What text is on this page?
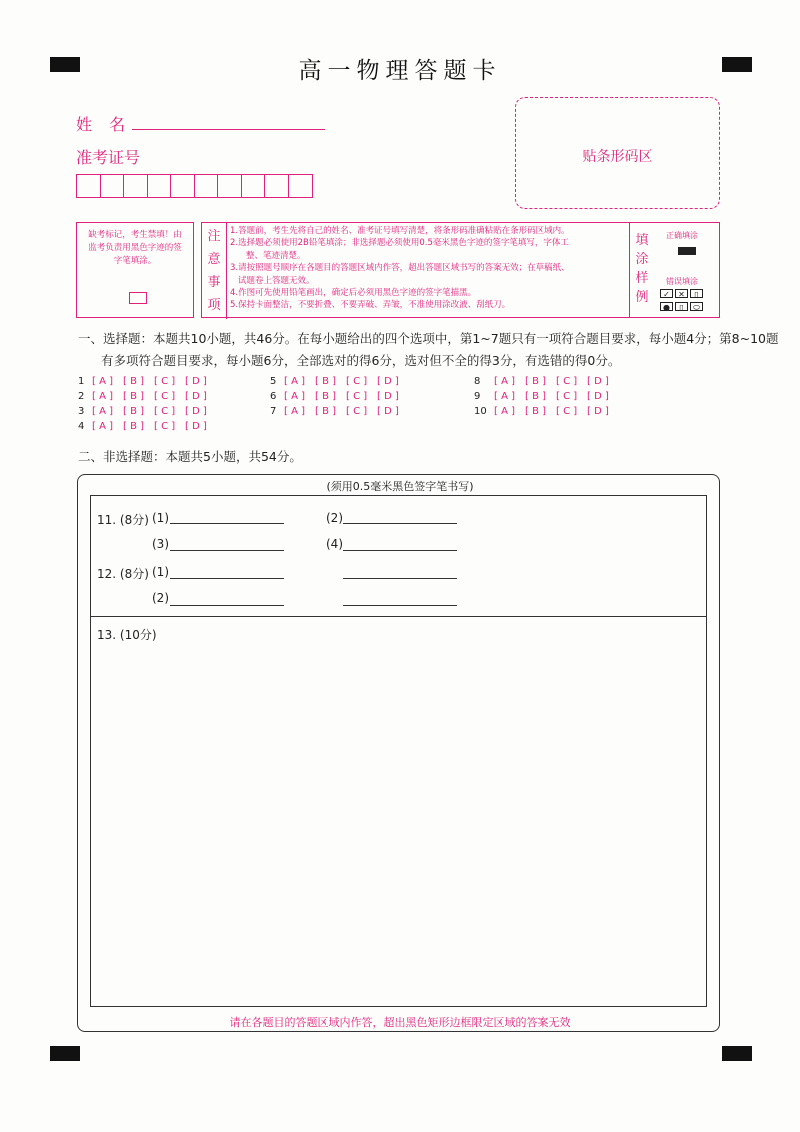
高一物理答题卡
姓 名
准考证号	贴条形码区
缺考标记，考生禁填！由监考负责用黑色字迹的签字笔填涂。
注
意
事
项
1.答题前，考生先将自己的姓名、准考证号填写清楚，将条形码准确粘贴在条形码区域内。
2.选择题必须使用2B铅笔填涂；非选择题必须使用0.5毫米黑色字迹的签字笔填写，字体工
整、笔迹清楚。
3.请按照题号顺序在各题目的答题区域内作答，超出答题区域书写的答案无效；在草稿纸、
试题卷上答题无效。
4.作图可先使用铅笔画出，确定后必须用黑色字迹的签字笔描黑。
5.保持卡面整洁，不要折叠、不要弄破、弄皱，不准使用涂改液、刮纸刀。
填
涂
样
例
正确填涂
错误填涂
✓	✕	▯
●	▯	⬭
一、选择题：本题共10小题，共46分。在每小题给出的四个选项中，第1~7题只有一项符合题目要求，每小题4分；第8~10题
有多项符合题目要求，每小题6分，全部选对的得6分，选对但不全的得3分，有选错的得0分。
1 [ A ] [ B ] [ C ] [ D ]
2 [ A ] [ B ] [ C ] [ D ]
3 [ A ] [ B ] [ C ] [ D ]
4 [ A ] [ B ] [ C ] [ D ]
5 [ A ] [ B ] [ C ] [ D ]
6 [ A ] [ B ] [ C ] [ D ]
7 [ A ] [ B ] [ C ] [ D ]
8 [ A ] [ B ] [ C ] [ D ]
9 [ A ] [ B ] [ C ] [ D ]
10 [ A ] [ B ] [ C ] [ D ]
二、非选择题：本题共5小题，共54分。
(须用0.5毫米黑色签字笔书写)
11. (8分) (1)	(2)
(3)	(4)
12. (8分) (1)
(2)
13. (10分)
请在各题目的答题区域内作答，超出黑色矩形边框限定区域的答案无效
